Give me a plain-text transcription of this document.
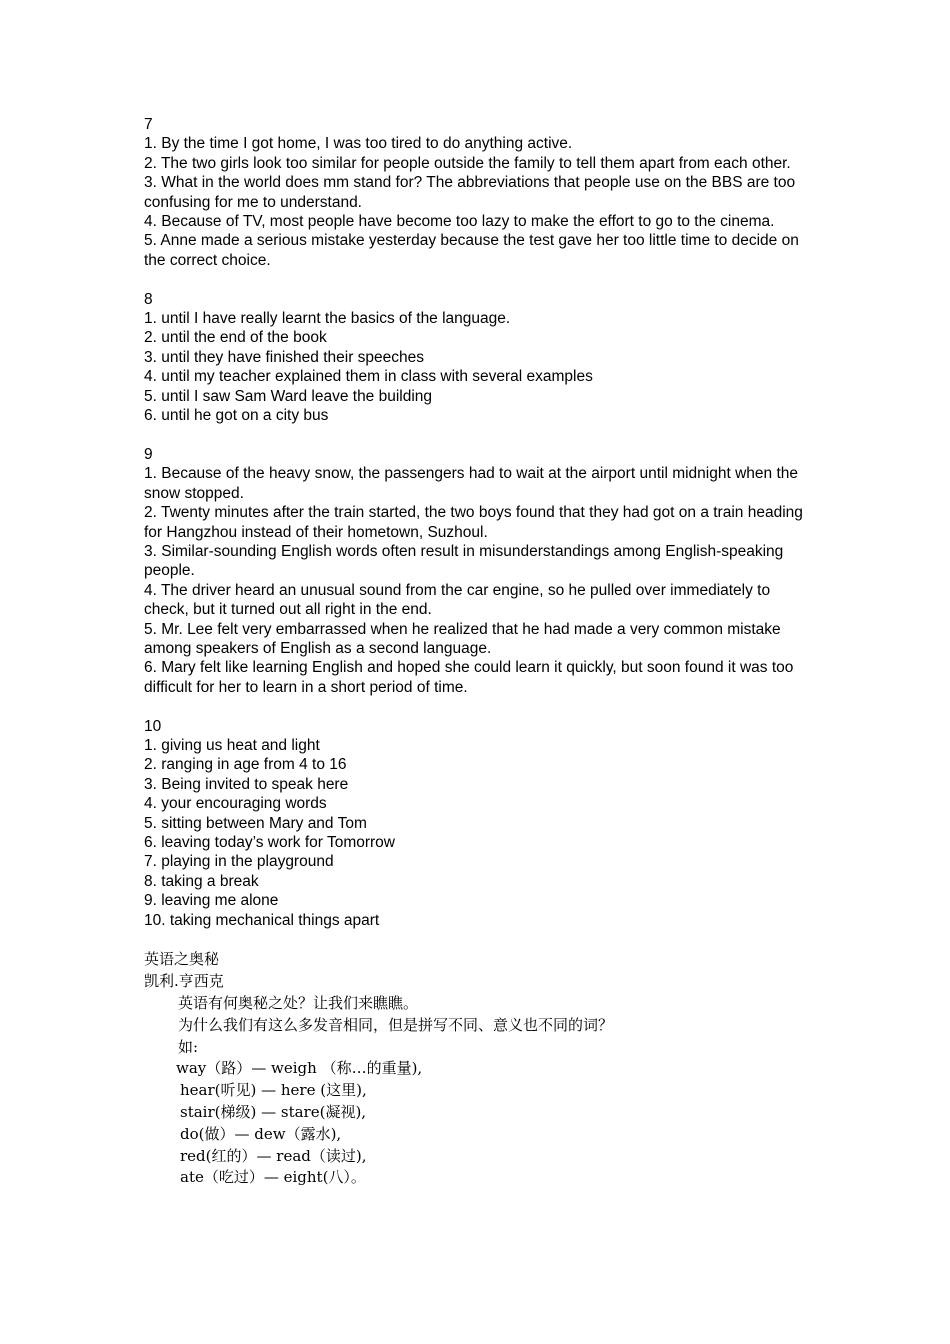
7
1. By the time I got home, I was too tired to do anything active.
2. The two girls look too similar for people outside the family to tell them apart from each other.
3. What in the world does mm stand for? The abbreviations that people use on the BBS are too confusing for me to understand.
4. Because of TV, most people have become too lazy to make the effort to go to the cinema.
5. Anne made a serious mistake yesterday because the test gave her too little time to decide on the correct choice.
8
1. until I have really learnt the basics of the language.
2. until the end of the book
3. until they have finished their speeches
4. until my teacher explained them in class with several examples
5. until I saw Sam Ward leave the building
6. until he got on a city bus
9
1. Because of the heavy snow, the passengers had to wait at the airport until midnight when the snow stopped.
2. Twenty minutes after the train started, the two boys found that they had got on a train heading for Hangzhou instead of their hometown, Suzhoul.
3. Similar-sounding English words often result in misunderstandings among English-speaking people.
4. The driver heard an unusual sound from the car engine, so he pulled over immediately to check, but it turned out all right in the end.
5. Mr. Lee felt very embarrassed when he realized that he had made a very common mistake among speakers of English as a second language.
6. Mary felt like learning English and hoped she could learn it quickly, but soon found it was too difficult for her to learn in a short period of time.
10
1. giving us heat and light
2. ranging in age from 4 to 16
3. Being invited to speak here
4. your encouraging words
5. sitting between Mary and Tom
6. leaving today’s work for Tomorrow
7. playing in the playground
8. taking a break
9. leaving me alone
10. taking mechanical things apart
英语之奥秘
凯利.亨西克
英语有何奥秘之处？让我们来瞧瞧。
为什么我们有这么多发音相同，但是拼写不同、意义也不同的词？
如:
way（路）— weigh （称…的重量),
hear(听见) — here (这里),
stair(梯级) — stare(凝视),
do(做）— dew（露水),
red(红的）— read（读过),
ate（吃过）— eight(八）。
